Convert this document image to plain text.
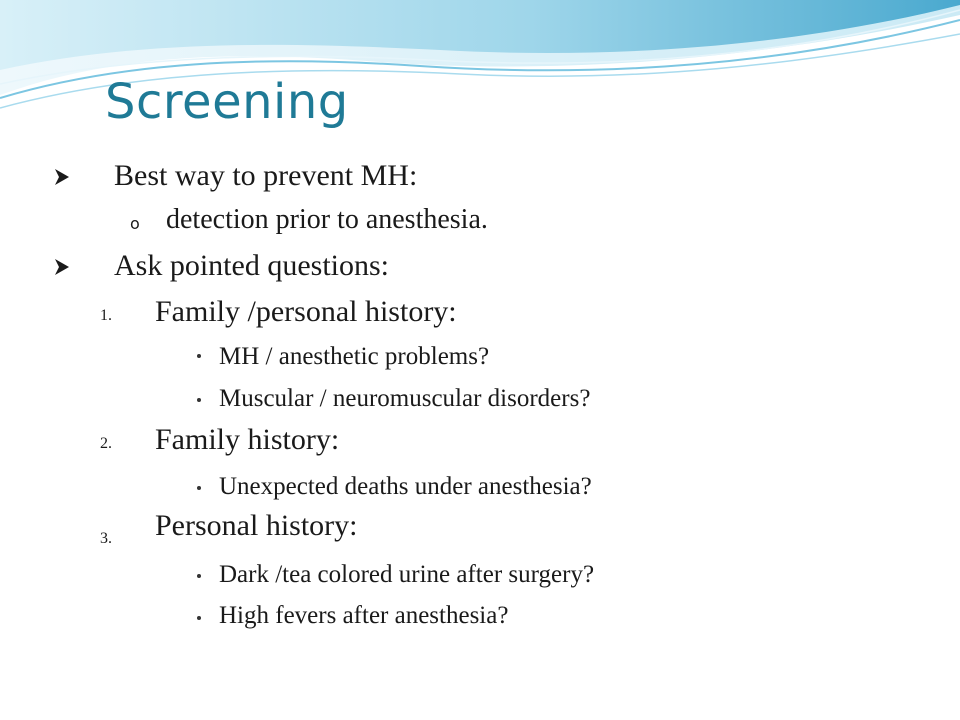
Screening
Best way to prevent MH:
o detection prior to anesthesia.
Ask pointed questions:
1. Family /personal history:
MH / anesthetic problems?
Muscular / neuromuscular disorders?
2. Family history:
Unexpected deaths under anesthesia?
3. Personal history:
Dark /tea colored urine after surgery?
High fevers after anesthesia?
